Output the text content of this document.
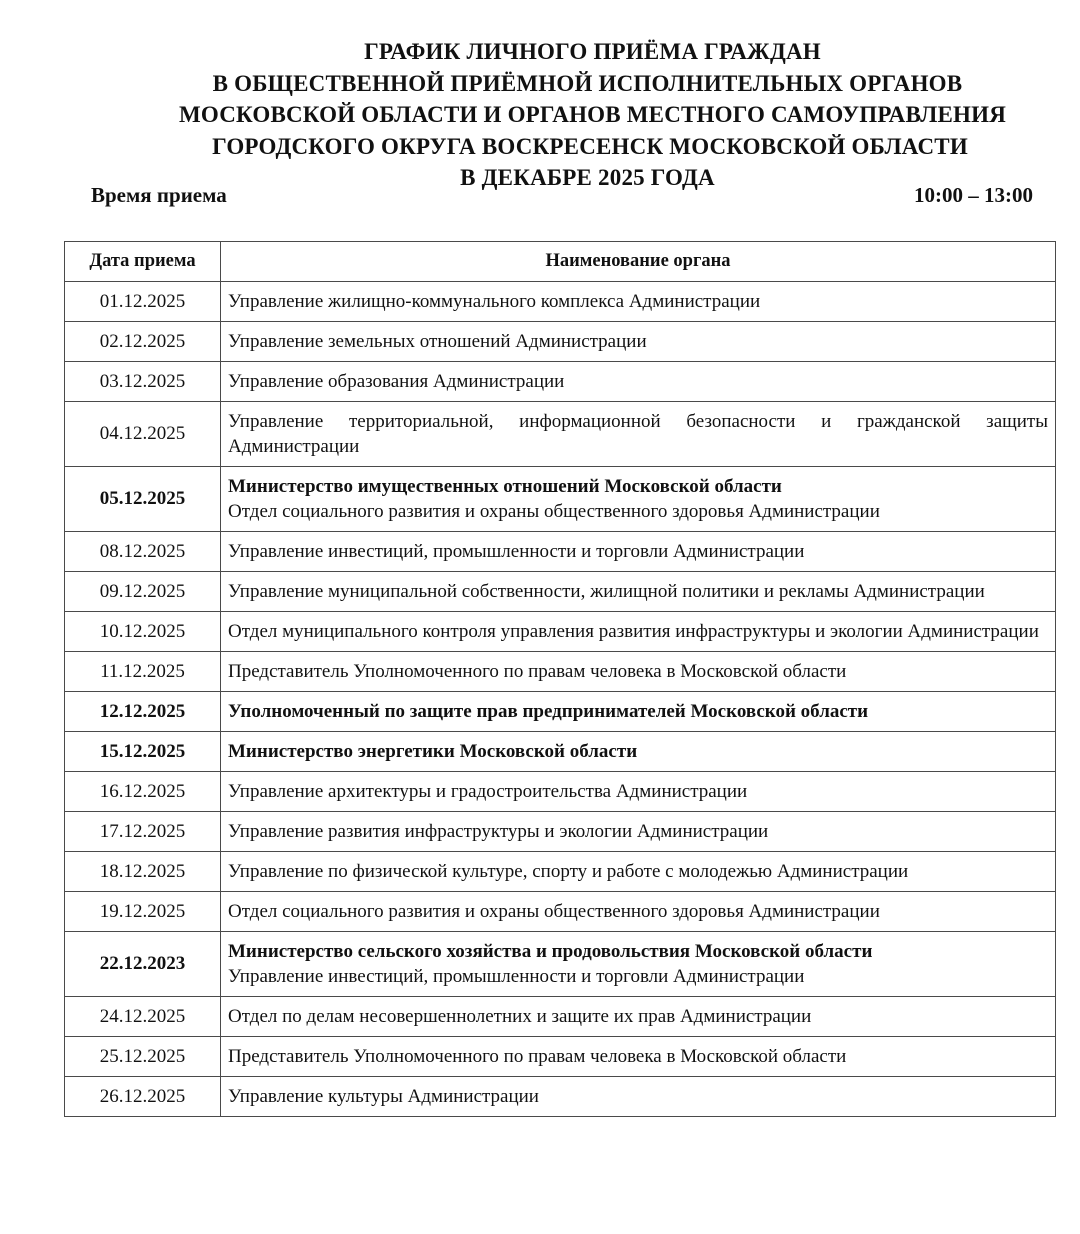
ГРАФИК ЛИЧНОГО ПРИЁМА ГРАЖДАН
В ОБЩЕСТВЕННОЙ ПРИЁМНОЙ ИСПОЛНИТЕЛЬНЫХ ОРГАНОВ
МОСКОВСКОЙ ОБЛАСТИ И ОРГАНОВ МЕСТНОГО САМОУПРАВЛЕНИЯ
ГОРОДСКОГО ОКРУГА ВОСКРЕСЕНСК МОСКОВСКОЙ ОБЛАСТИ
В ДЕКАБРЕ 2025 ГОДА
Время приема	10:00 – 13:00
Дата приема	Наименование органа
01.12.2025	Управление жилищно-коммунального комплекса Администрации

02.12.2025	Управление земельных отношений Администрации

03.12.2025	Управление образования Администрации

04.12.2025	Управление территориальной, информационной безопасности и гражданской защиты Администрации

05.12.2025	Министерство имущественных отношений Московской области
Отдел социального развития и охраны общественного здоровья Администрации

08.12.2025	Управление инвестиций, промышленности и торговли Администрации

09.12.2025	Управление муниципальной собственности, жилищной политики и рекламы Администрации

10.12.2025	Отдел муниципального контроля управления развития инфраструктуры и экологии Администрации

11.12.2025	Представитель Уполномоченного по правам человека в Московской области

12.12.2025	Уполномоченный по защите прав предпринимателей Московской области

15.12.2025	Министерство энергетики Московской области

16.12.2025	Управление архитектуры и градостроительства Администрации

17.12.2025	Управление развития инфраструктуры и экологии Администрации

18.12.2025	Управление по физической культуре, спорту и работе с молодежью Администрации

19.12.2025	Отдел социального развития и охраны общественного здоровья Администрации

22.12.2023	Министерство сельского хозяйства и продовольствия Московской области
Управление инвестиций, промышленности и торговли Администрации

24.12.2025	Отдел по делам несовершеннолетних и защите их прав Администрации

25.12.2025	Представитель Уполномоченного по правам человека в Московской области

26.12.2025	Управление культуры Администрации
